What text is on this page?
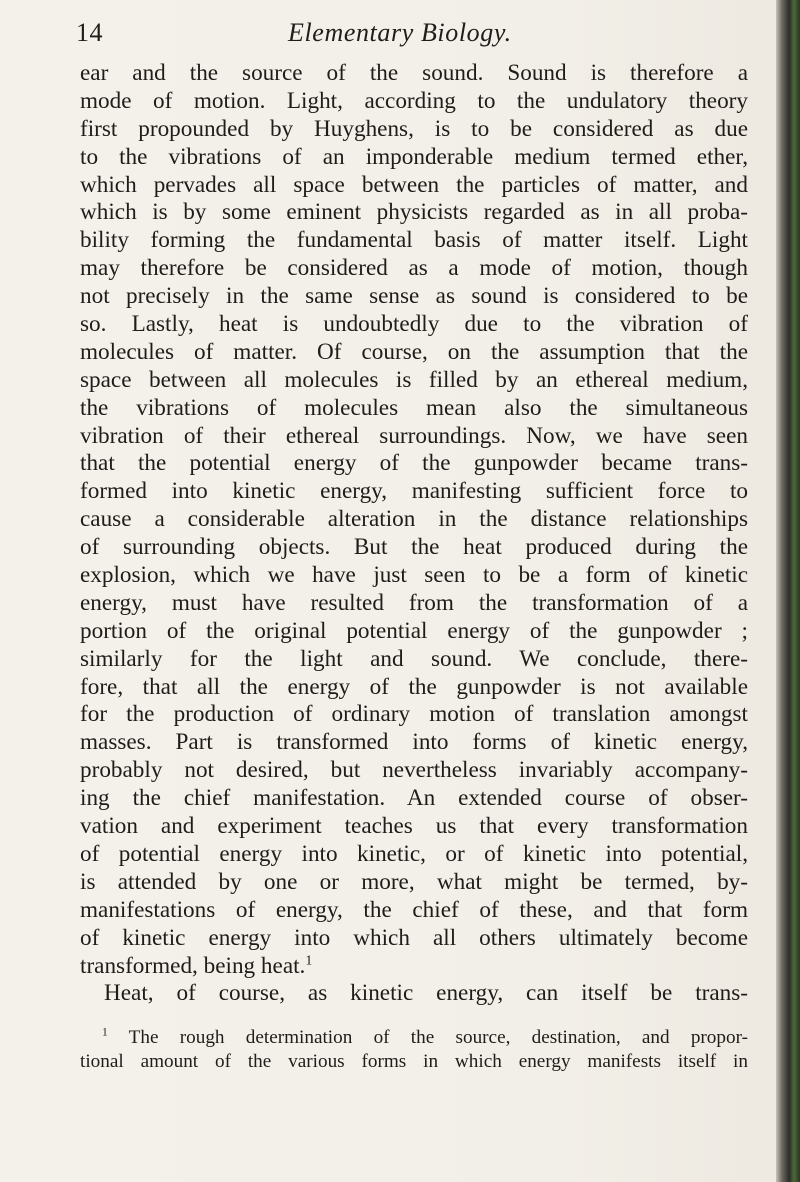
14	Elementary Biology.
ear and the source of the sound. Sound is therefore a
mode of motion. Light, according to the undulatory theory
first propounded by Huyghens, is to be considered as due
to the vibrations of an imponderable medium termed ether,
which pervades all space between the particles of matter, and
which is by some eminent physicists regarded as in all proba-
bility forming the fundamental basis of matter itself. Light
may therefore be considered as a mode of motion, though
not precisely in the same sense as sound is considered to be
so. Lastly, heat is undoubtedly due to the vibration of
molecules of matter. Of course, on the assumption that the
space between all molecules is filled by an ethereal medium,
the vibrations of molecules mean also the simultaneous
vibration of their ethereal surroundings. Now, we have seen
that the potential energy of the gunpowder became trans-
formed into kinetic energy, manifesting sufficient force to
cause a considerable alteration in the distance relationships
of surrounding objects. But the heat produced during the
explosion, which we have just seen to be a form of kinetic
energy, must have resulted from the transformation of a
portion of the original potential energy of the gunpowder ;
similarly for the light and sound. We conclude, there-
fore, that all the energy of the gunpowder is not available
for the production of ordinary motion of translation amongst
masses. Part is transformed into forms of kinetic energy,
probably not desired, but nevertheless invariably accompany-
ing the chief manifestation. An extended course of obser-
vation and experiment teaches us that every transformation
of potential energy into kinetic, or of kinetic into potential,
is attended by one or more, what might be termed, by-
manifestations of energy, the chief of these, and that form
of kinetic energy into which all others ultimately become
transformed, being heat.$^1$
Heat, of course, as kinetic energy, can itself be trans-
$^1$ The rough determination of the source, destination, and propor-
tional amount of the various forms in which energy manifests itself in
